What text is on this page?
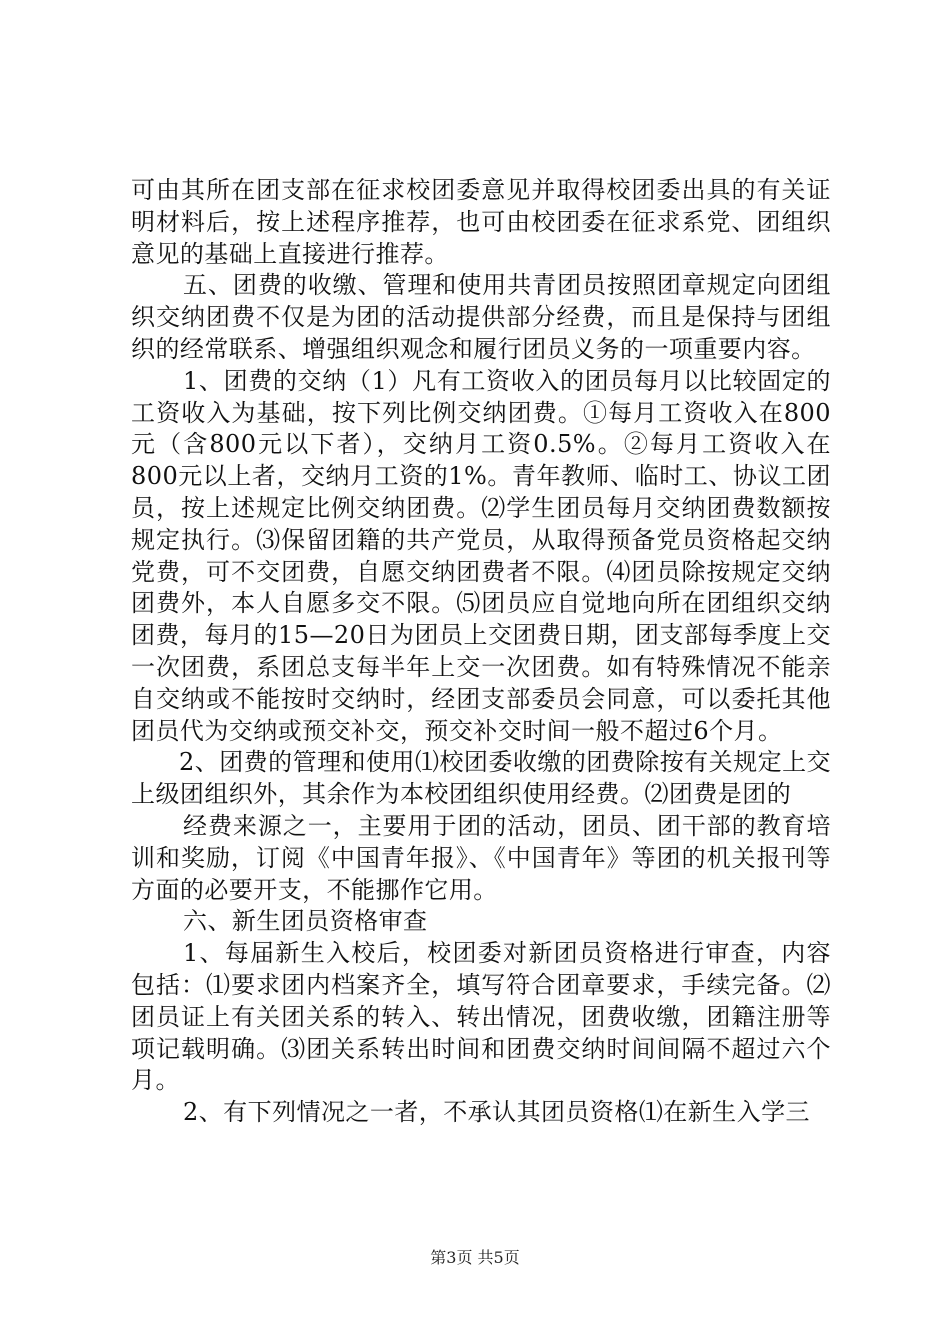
可由其所在团支部在征求校团委意见并取得校团委出具的有关证明材料后，按上述程序推荐，也可由校团委在征求系党、团组织意见的基础上直接进行推荐。

五、团费的收缴、管理和使用共青团员按照团章规定向团组织交纳团费不仅是为团的活动提供部分经费，而且是保持与团组织的经常联系、增强组织观念和履行团员义务的一项重要内容。

1、团费的交纳（1）凡有工资收入的团员每月以比较固定的工资收入为基础，按下列比例交纳团费。①每月工资收入在800元（含800元以下者），交纳月工资0.5%。②每月工资收入在800元以上者，交纳月工资的1%。青年教师、临时工、协议工团员，按上述规定比例交纳团费。⑵学生团员每月交纳团费数额按规定执行。⑶保留团籍的共产党员，从取得预备党员资格起交纳党费，可不交团费，自愿交纳团费者不限。⑷团员除按规定交纳团费外，本人自愿多交不限。⑸团员应自觉地向所在团组织交纳团费，每月的15—20日为团员上交团费日期，团支部每季度上交一次团费，系团总支每半年上交一次团费。如有特殊情况不能亲自交纳或不能按时交纳时，经团支部委员会同意，可以委托其他团员代为交纳或预交补交，预交补交时间一般不超过6个月。

2、团费的管理和使用⑴校团委收缴的团费除按有关规定上交上级团组织外，其余作为本校团组织使用经费。⑵团费是团的

经费来源之一，主要用于团的活动，团员、团干部的教育培训和奖励，订阅《中国青年报》、《中国青年》等团的机关报刊等方面的必要开支，不能挪作它用。

六、新生团员资格审查

1、每届新生入校后，校团委对新团员资格进行审查，内容包括：⑴要求团内档案齐全，填写符合团章要求，手续完备。⑵团员证上有关团关系的转入、转出情况，团费收缴，团籍注册等项记载明确。⑶团关系转出时间和团费交纳时间间隔不超过六个月。

2、有下列情况之一者，不承认其团员资格⑴在新生入学三

第3页 共5页
